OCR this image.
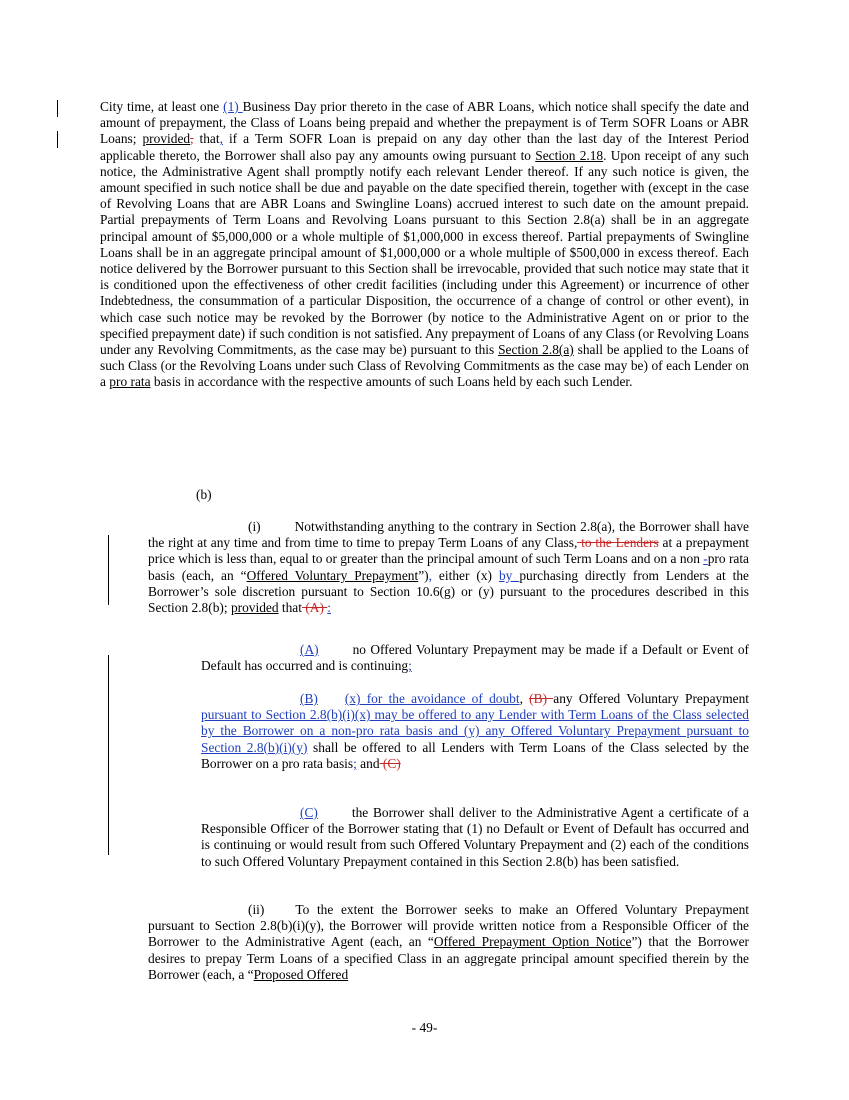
City time, at least one (1) Business Day prior thereto in the case of ABR Loans, which notice shall specify the date and amount of prepayment, the Class of Loans being prepaid and whether the prepayment is of Term SOFR Loans or ABR Loans; provided, that, if a Term SOFR Loan is prepaid on any day other than the last day of the Interest Period applicable thereto, the Borrower shall also pay any amounts owing pursuant to Section 2.18. Upon receipt of any such notice, the Administrative Agent shall promptly notify each relevant Lender thereof. If any such notice is given, the amount specified in such notice shall be due and payable on the date specified therein, together with (except in the case of Revolving Loans that are ABR Loans and Swingline Loans) accrued interest to such date on the amount prepaid. Partial prepayments of Term Loans and Revolving Loans pursuant to this Section 2.8(a) shall be in an aggregate principal amount of $5,000,000 or a whole multiple of $1,000,000 in excess thereof. Partial prepayments of Swingline Loans shall be in an aggregate principal amount of $1,000,000 or a whole multiple of $500,000 in excess thereof. Each notice delivered by the Borrower pursuant to this Section shall be irrevocable, provided that such notice may state that it is conditioned upon the effectiveness of other credit facilities (including under this Agreement) or incurrence of other Indebtedness, the consummation of a particular Disposition, the occurrence of a change of control or other event), in which case such notice may be revoked by the Borrower (by notice to the Administrative Agent on or prior to the specified prepayment date) if such condition is not satisfied. Any prepayment of Loans of any Class (or Revolving Loans under any Revolving Commitments, as the case may be) pursuant to this Section 2.8(a) shall be applied to the Loans of such Class (or the Revolving Loans under such Class of Revolving Commitments as the case may be) of each Lender on a pro rata basis in accordance with the respective amounts of such Loans held by each such Lender.

(b)

(i)	Notwithstanding anything to the contrary in Section 2.8(a), the Borrower shall have the right at any time and from time to time to prepay Term Loans of any Class, to the Lenders at a prepayment price which is less than, equal to or greater than the principal amount of such Term Loans and on a non -pro rata basis (each, an “Offered Voluntary Prepayment”), either (x) by purchasing directly from Lenders at the Borrower’s sole discretion pursuant to Section 10.6(g) or (y) pursuant to the procedures described in this Section 2.8(b); provided that (A) :

(A)	no Offered Voluntary Prepayment may be made if a Default or Event of Default has occurred and is continuing;

(B) (x) for the avoidance of doubt, (B) any Offered Voluntary Prepayment pursuant to Section 2.8(b)(i)(x) may be offered to any Lender with Term Loans of the Class selected by the Borrower on a non-pro rata basis and (y) any Offered Voluntary Prepayment pursuant to Section 2.8(b)(i)(y) shall be offered to all Lenders with Term Loans of the Class selected by the Borrower on a pro rata basis; and (C)

(C)	the Borrower shall deliver to the Administrative Agent a certificate of a Responsible Officer of the Borrower stating that (1) no Default or Event of Default has occurred and is continuing or would result from such Offered Voluntary Prepayment and (2) each of the conditions to such Offered Voluntary Prepayment contained in this Section 2.8(b) has been satisfied.

(ii) To the extent the Borrower seeks to make an Offered Voluntary Prepayment pursuant to Section 2.8(b)(i)(y), the Borrower will provide written notice from a Responsible Officer of the Borrower to the Administrative Agent (each, an “Offered Prepayment Option Notice”) that the Borrower desires to prepay Term Loans of a specified Class in an aggregate principal amount specified therein by the Borrower (each, a “Proposed Offered

- 49-
